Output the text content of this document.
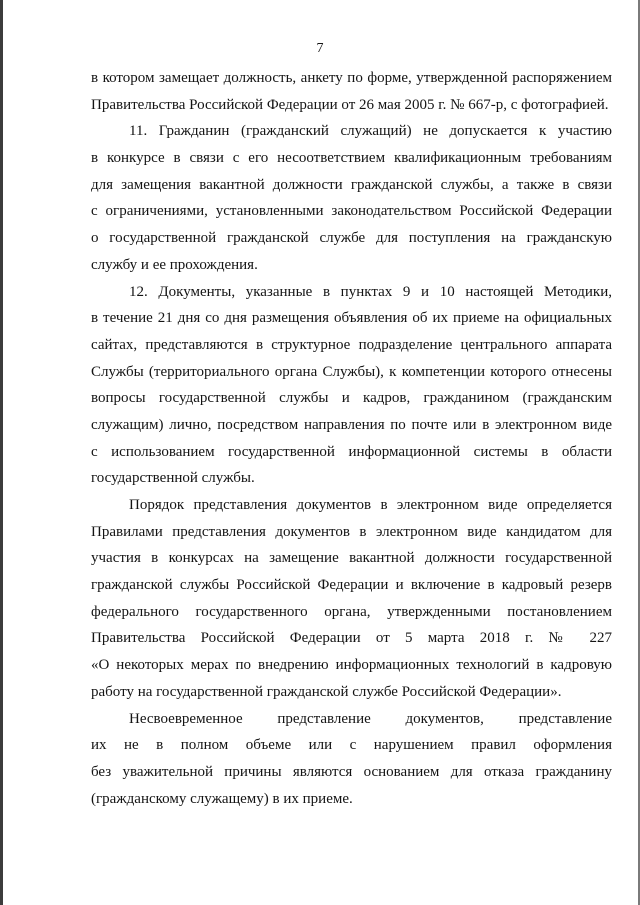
7

в котором замещает должность, анкету по форме, утвержденной распоряжением
Правительства Российской Федерации от 26 мая 2005 г. № 667-р, с фотографией.

11. Гражданин (гражданский служащий) не допускается к участию
в конкурсе в связи с его несоответствием квалификационным требованиям
для замещения вакантной должности гражданской службы, а также в связи
с ограничениями, установленными законодательством Российской Федерации
о государственной гражданской службе для поступления на гражданскую
службу и ее прохождения.

12. Документы, указанные в пунктах 9 и 10 настоящей Методики,
в течение 21 дня со дня размещения объявления об их приеме на официальных
сайтах, представляются в структурное подразделение центрального аппарата
Службы (территориального органа Службы), к компетенции которого отнесены
вопросы государственной службы и кадров, гражданином (гражданским
служащим) лично, посредством направления по почте или в электронном виде
с использованием государственной информационной системы в области
государственной службы.

Порядок представления документов в электронном виде определяется
Правилами представления документов в электронном виде кандидатом для
участия в конкурсах на замещение вакантной должности государственной
гражданской службы Российской Федерации и включение в кадровый резерв
федерального государственного органа, утвержденными постановлением
Правительства Российской Федерации от 5 марта 2018 г. № 227
«О некоторых мерах по внедрению информационных технологий в кадровую
работу на государственной гражданской службе Российской Федерации».

Несвоевременное представление документов, представление
их не в полном объеме или с нарушением правил оформления
без уважительной причины являются основанием для отказа гражданину
(гражданскому служащему) в их приеме.
